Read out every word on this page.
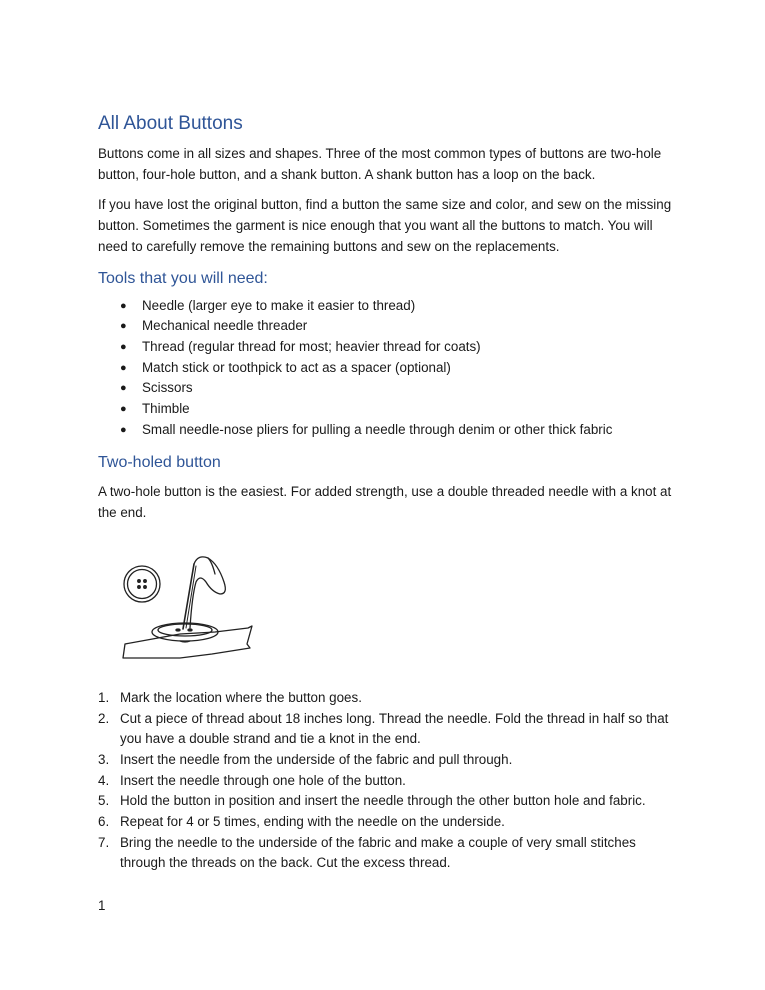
All About Buttons

Buttons come in all sizes and shapes. Three of the most common types of buttons are two-hole button, four-hole button, and a shank button. A shank button has a loop on the back.

If you have lost the original button, find a button the same size and color, and sew on the missing button. Sometimes the garment is nice enough that you want all the buttons to match. You will need to carefully remove the remaining buttons and sew on the replacements.

Tools that you will need:
● Needle (larger eye to make it easier to thread)
● Mechanical needle threader
● Thread (regular thread for most; heavier thread for coats)
● Match stick or toothpick to act as a spacer (optional)
● Scissors
● Thimble
● Small needle-nose pliers for pulling a needle through denim or other thick fabric
Two-holed button

A two-hole button is the easiest. For added strength, use a double threaded needle with a knot at the end.

1. Mark the location where the button goes.
2. Cut a piece of thread about 18 inches long. Thread the needle. Fold the thread in half so that you have a double strand and tie a knot in the end.
3. Insert the needle from the underside of the fabric and pull through.
4. Insert the needle through one hole of the button.
5. Hold the button in position and insert the needle through the other button hole and fabric.
6. Repeat for 4 or 5 times, ending with the needle on the underside.
7. Bring the needle to the underside of the fabric and make a couple of very small stitches through the threads on the back. Cut the excess thread.
1
